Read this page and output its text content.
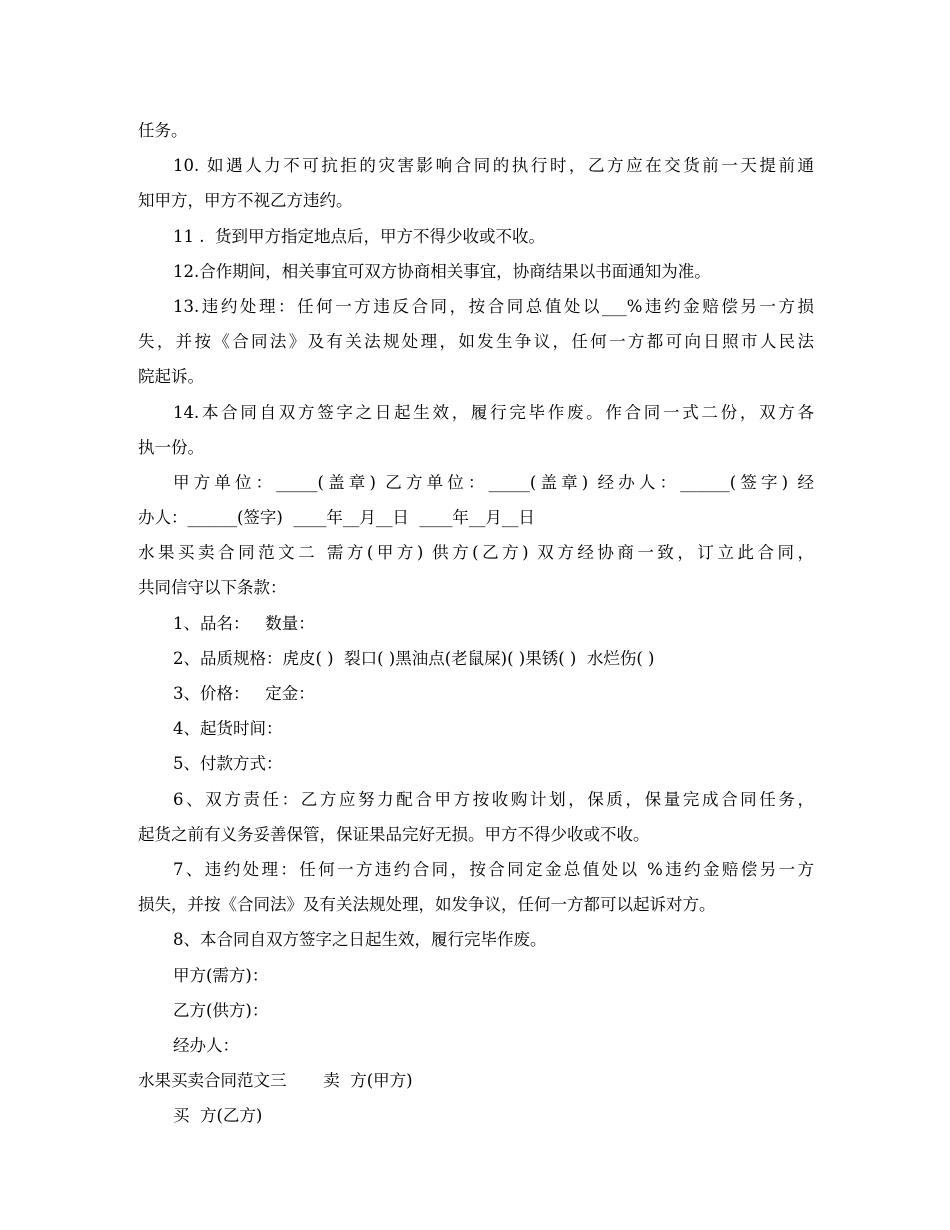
任务。
10. 如遇人力不可抗拒的灾害影响合同的执行时，乙方应在交货前一天提前通
知甲方，甲方不视乙方违约。
11 .  货到甲方指定地点后，甲方不得少收或不收。
12.合作期间，相关事宜可双方协商相关事宜，协商结果以书面通知为准。
13.违约处理：任何一方违反合同，按合同总值处以___%违约金赔偿另一方损
失，并按《合同法》及有关法规处理，如发生争议，任何一方都可向日照市人民法
院起诉。
14.本合同自双方签字之日起生效，履行完毕作废。作合同一式二份，双方各
执一份。
甲方单位：_____(盖章) 乙方单位：_____(盖章) 经办人：______(签字) 经
办人：______(签字)  ____年__月__日  ____年__月__日
水果买卖合同范文二 需方(甲方) 供方(乙方) 双方经协商一致，订立此合同，
共同信守以下条款：
1、品名：   数量：
2、品质规格：虎皮( )  裂口( )黑油点(老鼠屎)( )果锈( )  水烂伤( )
3、价格：   定金：
4、起货时间：
5、付款方式：
6、双方责任：乙方应努力配合甲方按收购计划，保质，保量完成合同任务，
起货之前有义务妥善保管，保证果品完好无损。甲方不得少收或不收。
7、违约处理：任何一方违约合同，按合同定金总值处以 %违约金赔偿另一方
损失，并按《合同法》及有关法规处理，如发争议，任何一方都可以起诉对方。
8、本合同自双方签字之日起生效，履行完毕作废。
甲方(需方)：
乙方(供方)：
经办人：
水果买卖合同范文三       卖  方(甲方)
买  方(乙方)
